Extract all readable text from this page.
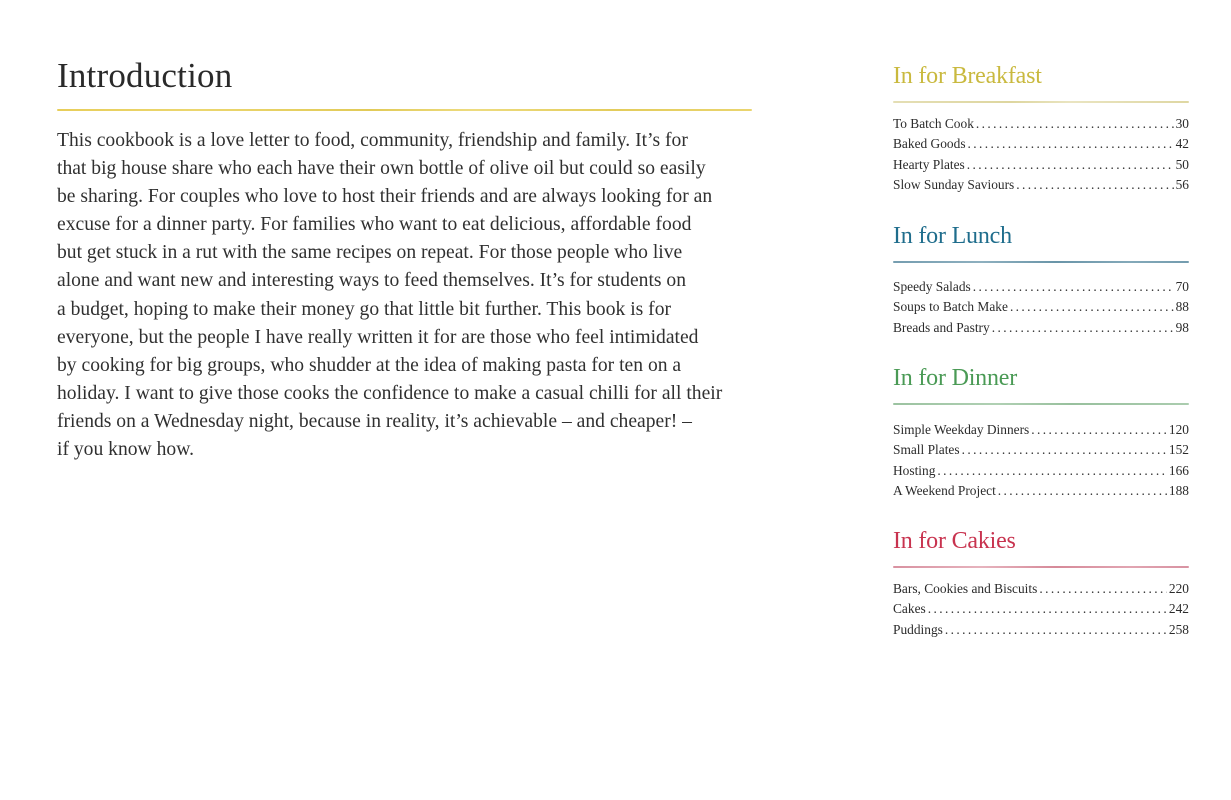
Introduction
This cookbook is a love letter to food, community, friendship and family. It’s for
that big house share who each have their own bottle of olive oil but could so easily
be sharing. For couples who love to host their friends and are always looking for an
excuse for a dinner party. For families who want to eat delicious, affordable food
but get stuck in a rut with the same recipes on repeat. For those people who live
alone and want new and interesting ways to feed themselves. It’s for students on
a budget, hoping to make their money go that little bit further. This book is for
everyone, but the people I have really written it for are those who feel intimidated
by cooking for big groups, who shudder at the idea of making pasta for ten on a
holiday. I want to give those cooks the confidence to make a casual chilli for all their
friends on a Wednesday night, because in reality, it’s achievable – and cheaper! –
if you know how.
In for Breakfast
To Batch Cook .....	30
Baked Goods .....	42
Hearty Plates .....	50
Slow Sunday Saviours .....	56
In for Lunch
Speedy Salads .....	70
Soups to Batch Make .....	88
Breads and Pastry .....	98
In for Dinner
Simple Weekday Dinners .....	120
Small Plates .....	152
Hosting .....	166
A Weekend Project .....	188
In for Cakies
Bars, Cookies and Biscuits .....	220
Cakes .....	242
Puddings .....	258
